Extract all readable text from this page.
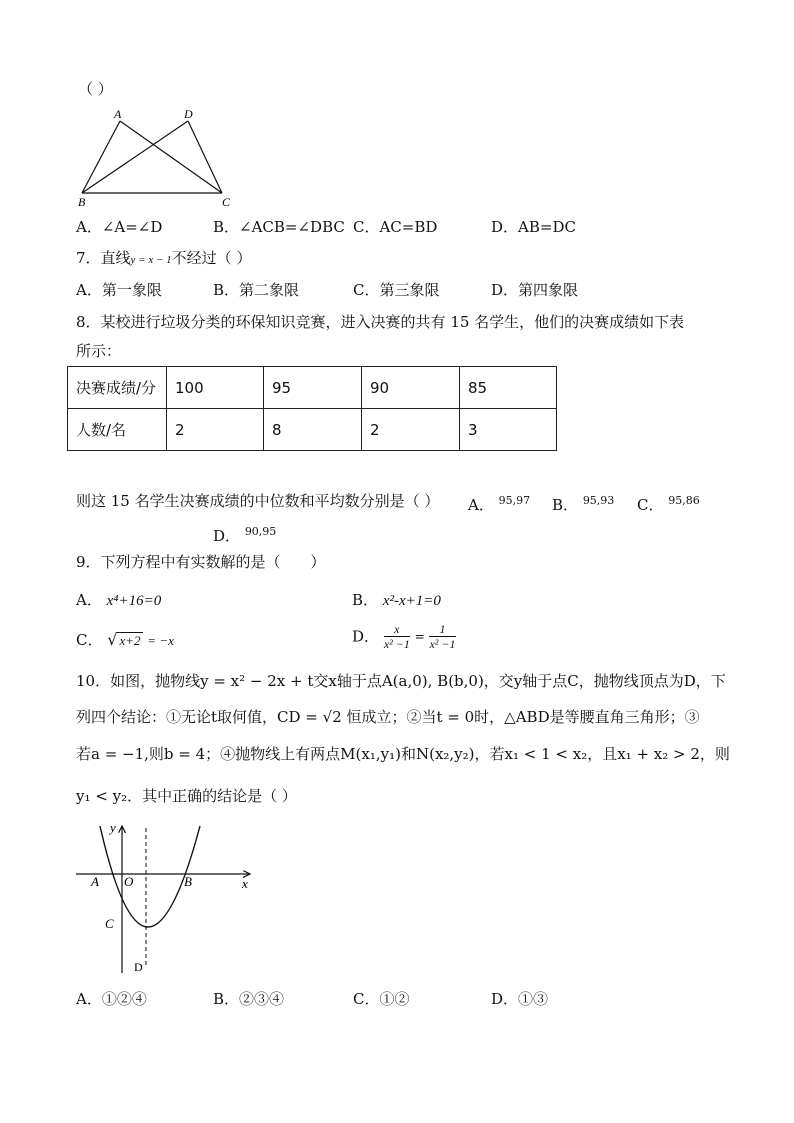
（ ）
A	D
B	C
A．∠A=∠D	B．∠ACB=∠DBC C．AC=BD	D．AB=DC
7．直线y = x − 1不经过（ ）
A．第一象限	B．第二象限	C．第三象限	D．第四象限
8．某校进行垃圾分类的环保知识竞赛，进入决赛的共有 15 名学生，他们的决赛成绩如下表
所示：
决赛成绩/分	100	95	90	85
人数/名	2	8	2	3
则这 15 名学生决赛成绩的中位数和平均数分别是（ ） A． $^{95,97}$ B． $^{95,93}$ C． $^{95,86}$
D． $^{90,95}$
9．下列方程中有实数解的是（　　）
A． x⁴+16=0	B． x²-x+1=0
C． √ x+2 = −x	D． $\frac{x}{\text{x² −1}} = \frac{1}{\text{x² −1}}$
10．如图，抛物线y = x² − 2x + t交x轴于点A(a,0), B(b,0)，交y轴于点C，抛物线顶点为D，下
列四个结论：①无论t取何值，CD = √2 恒成立；②当t = 0时，△ABD是等腰直角三角形；③
若a = −1,则b = 4；④抛物线上有两点M(x₁,y₁)和N(x₂,y₂)，若x₁ < 1 < x₂，且x₁ + x₂ > 2，则
y₁ < y₂．其中正确的结论是（ ）
y
x
A O	B
C
D
A．①②④	B．②③④	C．①②	D．①③
